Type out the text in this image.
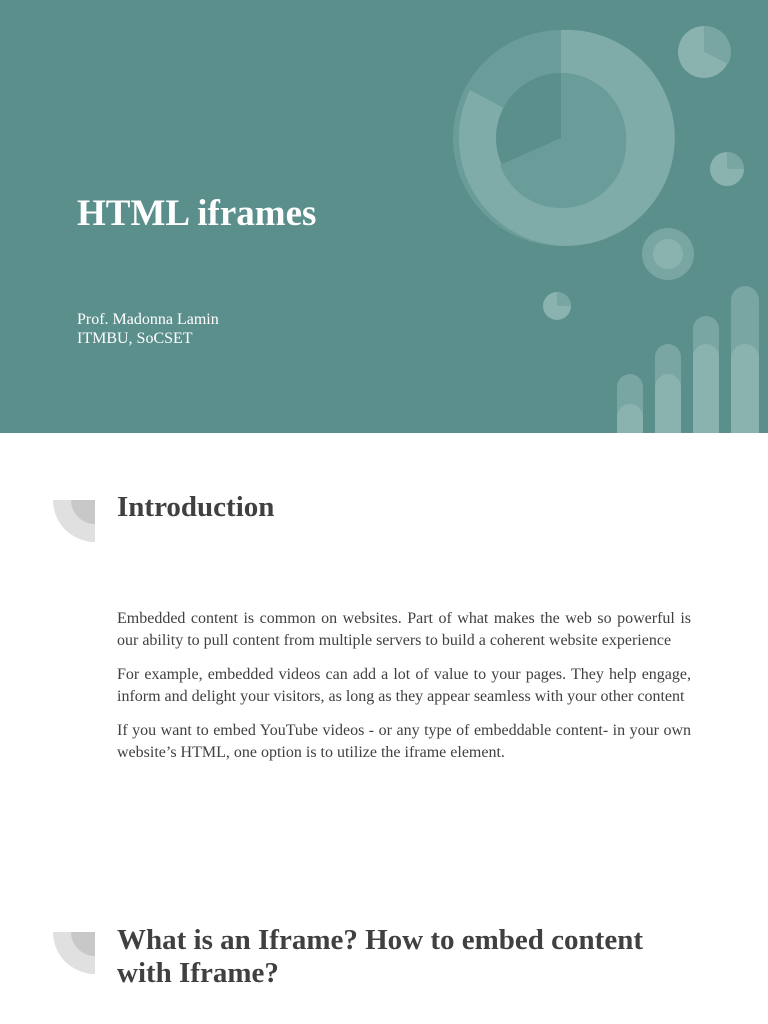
HTML iframes
Prof. Madonna Lamin
ITMBU, SoCSET
Introduction

Embedded content is common on websites. Part of what makes the web so powerful is our ability to pull content from multiple servers to build a coherent website experience

For example, embedded videos can add a lot of value to your pages. They help engage, inform and delight your visitors, as long as they appear seamless with your other content

If you want to embed YouTube videos - or any type of embeddable content- in your own website’s HTML, one option is to utilize the iframe element.

What is an Iframe? How to embed content
with Iframe?
